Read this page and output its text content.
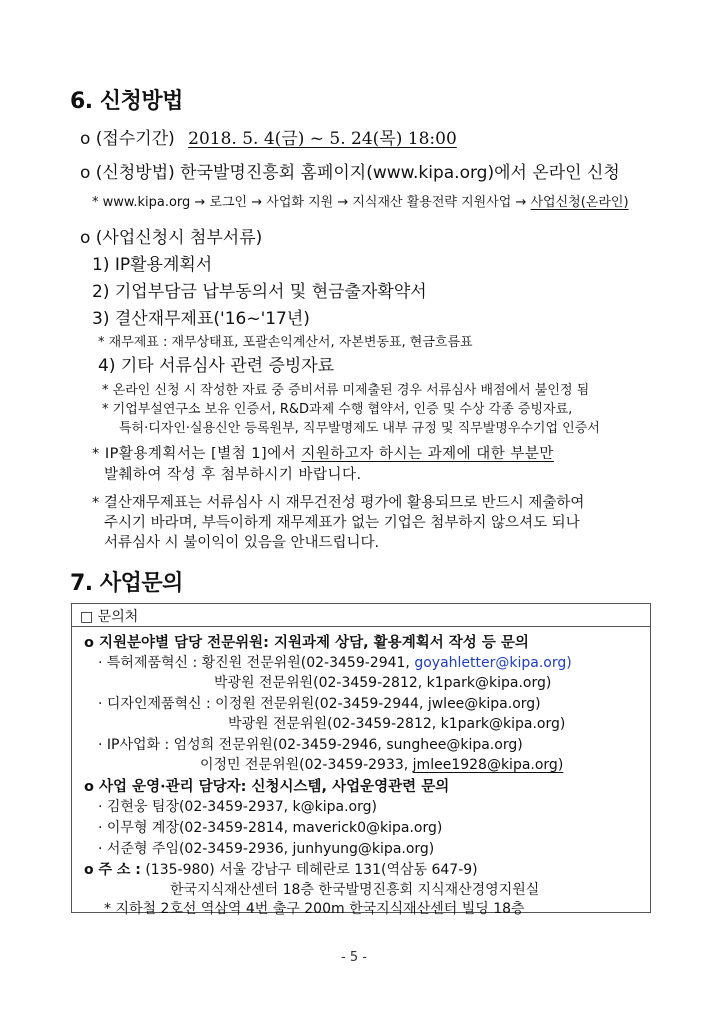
6. 신청방법
o (접수기간) 2018. 5. 4(금) ~ 5. 24(목) 18:00
o (신청방법) 한국발명진흥회 홈페이지(www.kipa.org)에서 온라인 신청
* www.kipa.org → 로그인 → 사업화 지원 → 지식재산 활용전략 지원사업 → 사업신청(온라인)
o (사업신청시 첨부서류)
1) IP활용계획서
2) 기업부담금 납부동의서 및 현금출자확약서
3) 결산재무제표('16~'17년)
* 재무제표 : 재무상태표, 포괄손익계산서, 자본변동표, 현금흐름표
4) 기타 서류심사 관련 증빙자료
* 온라인 신청 시 작성한 자료 중 증비서류 미제출된 경우 서류심사 배점에서 불인정 됨
* 기업부설연구소 보유 인증서, R&D과제 수행 협약서, 인증 및 수상 각종 증빙자료,
특허·디자인·실용신안 등록원부, 직무발명제도 내부 규정 및 직무발명우수기업 인증서
* IP활용계획서는 [별첨 1]에서 지원하고자 하시는 과제에 대한 부분만
발췌하여 작성 후 첨부하시기 바랍니다.
* 결산재무제표는 서류심사 시 재무건전성 평가에 활용되므로 반드시 제출하여
주시기 바라며, 부득이하게 재무제표가 없는 기업은 첨부하지 않으셔도 되나
서류심사 시 불이익이 있음을 안내드립니다.
7. 사업문의
□ 문의처
o 지원분야별 담당 전문위원: 지원과제 상담, 활용계획서 작성 등 문의
· 특허제품혁신 : 황진원 전문위원(02-3459-2941, goyahletter@kipa.org)
박광원 전문위원(02-3459-2812, k1park@kipa.org)
· 디자인제품혁신 : 이정원 전문위원(02-3459-2944, jwlee@kipa.org)
박광원 전문위원(02-3459-2812, k1park@kipa.org)
· IP사업화 : 엄성희 전문위원(02-3459-2946, sunghee@kipa.org)
이정민 전문위원(02-3459-2933, jmlee1928@kipa.org)
o 사업 운영·관리 담당자: 신청시스템, 사업운영관련 문의
· 김현웅 팀장(02-3459-2937, k@kipa.org)
· 이무형 계장(02-3459-2814, maverick0@kipa.org)
· 서준형 주임(02-3459-2936, junhyung@kipa.org)
o 주 소 : (135-980) 서울 강남구 테헤란로 131(역삼동 647-9)
한국지식재산센터 18층 한국발명진흥회 지식재산경영지원실
* 지하철 2호선 역삼역 4번 출구 200m 한국지식재산센터 빌딩 18층
- 5 -
